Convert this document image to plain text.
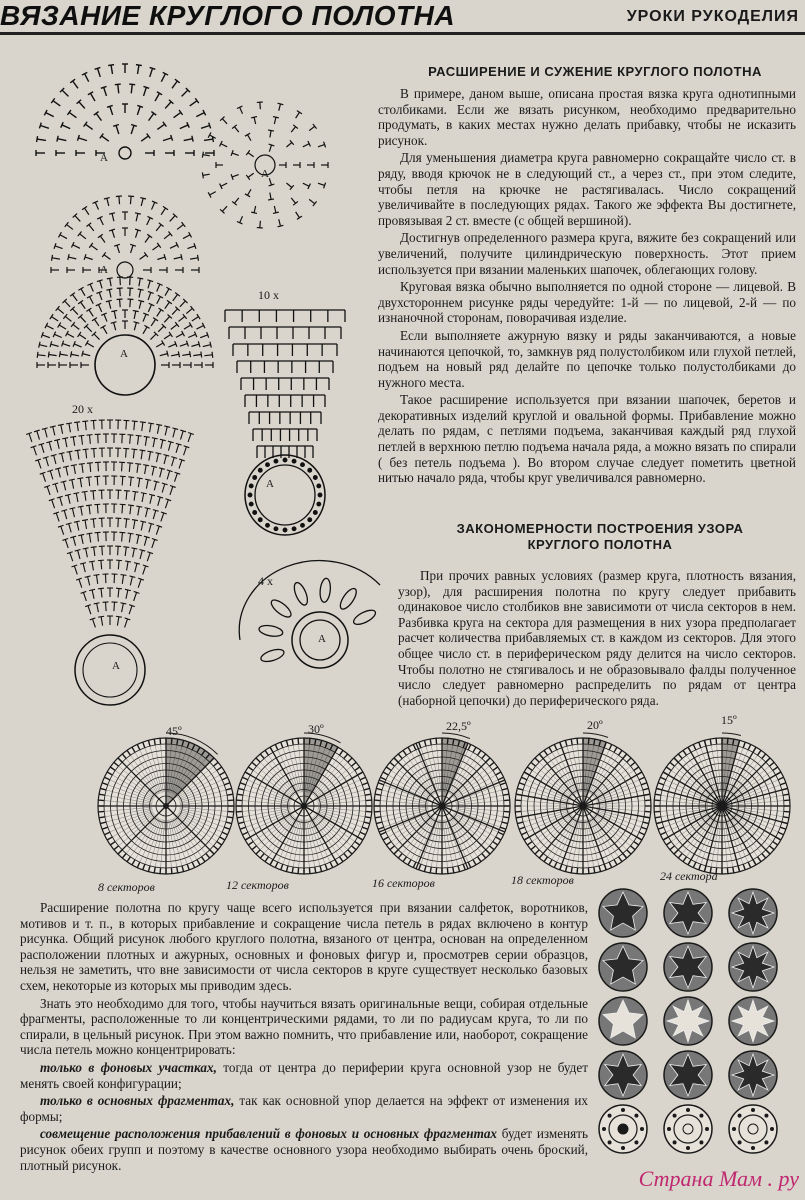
ВЯЗАНИЕ КРУГЛОГО ПОЛОТНА	УРОКИ РУКОДЕЛИЯ
А
А
А
А
А
А
А
10 х
20 х
4 х
РАСШИРЕНИЕ И СУЖЕНИЕ КРУГЛОГО ПОЛОТНА

В примере, даном выше, описана простая вязка круга однотипными столбиками. Если же вязать рисунком, необходимо предварительно продумать, в каких местах нужно делать прибавку, чтобы не исказить рисунок.

Для уменьшения диаметра круга равномерно сокращайте число ст. в ряду, вводя крючок не в следующий ст., а через ст., при этом следите, чтобы петля на крючке не растягивалась. Число сокращений увеличивайте в последующих рядах. Такого же эффекта Вы достигнете, провязывая 2 ст. вместе (с общей вершиной).

Достигнув определенного размера круга, вяжите без сокращений или увеличений, получите цилиндрическую поверхность. Этот прием используется при вязании маленьких шапочек, облегающих голову.

Круговая вязка обычно выполняется по одной стороне — лицевой. В двухстороннем рисунке ряды чередуйте: 1-й — по лицевой, 2-й — по изнаночной сторонам, поворачивая изделие.

Если выполняете ажурную вязку и ряды заканчиваются, а новые начинаются цепочкой, то, замкнув ряд полустолбиком или глухой петлей, подъем на новый ряд делайте по цепочке только полустолбиками до нужного места.

Такое расширение используется при вязании шапочек, беретов и декоративных изделий круглой и овальной формы. Прибавление можно делать по рядам, с петлями подъема, заканчивая каждый ряд глухой петлей в верхнюю петлю подъема начала ряда, а можно вязать по спирали ( без петель подъема ). Во втором случае следует пометить цветной нитью начало ряда, чтобы круг увеличивался равномерно.

ЗАКОНОМЕРНОСТИ ПОСТРОЕНИЯ УЗОРА
КРУГЛОГО ПОЛОТНА

При прочих равных условиях (размер круга, плотность вязания, узор), для расширения полотна по кругу следует прибавить одинаковое число столбиков вне зависимоти от числа секторов в нем. Разбивка круга на сектора для размещения в них узора предполагает расчет количества прибавляемых ст. в каждом из секторов. Для этого общее число ст. в периферическом ряду делится на число секторов. Чтобы полотно не стягивалось и не образовывало фалды полученное число следует равномерно распределить по рядам от центра (наборной цепочки) до периферического ряда.

45º	30º	22,5º	20º	15º
8 секторов	12 секторов	16 секторов	18 секторов	24 сектора

Расширение полотна по кругу чаще всего используется при вязании салфеток, воротников, мотивов и т. п., в которых прибавление и сокращение числа петель в рядах включено в контур рисунка. Общий рисунок любого круглого полотна, вязаного от центра, основан на определенном расположении плотных и ажурных, основных и фоновых фигур и, просмотрев серии образцов, нельзя не заметить, что вне зависимости от числа секторов в круге существует несколько базовых схем, некоторые из которых мы приводим здесь.

Знать это необходимо для того, чтобы научиться вязать оригинальные вещи, собирая отдельные фрагменты, расположенные то ли концентрическими рядами, то ли по радиусам круга, то ли по спирали, в цельный рисунок. При этом важно помнить, что прибавление или, наоборот, сокращение числа петель можно концентрировать:

только в фоновых участках, тогда от центра до периферии круга основной узор не будет менять своей конфигурации;

только в основных фрагментах, так как основной упор делается на эффект от изменения их формы;

совмещение расположения прибавлений в фоновых и основных фрагментах будет изменять рисунок обеих групп и поэтому в качестве основного узора необходимо выбирать очень броский, плотный рисунок.

Страна Мам . ру
